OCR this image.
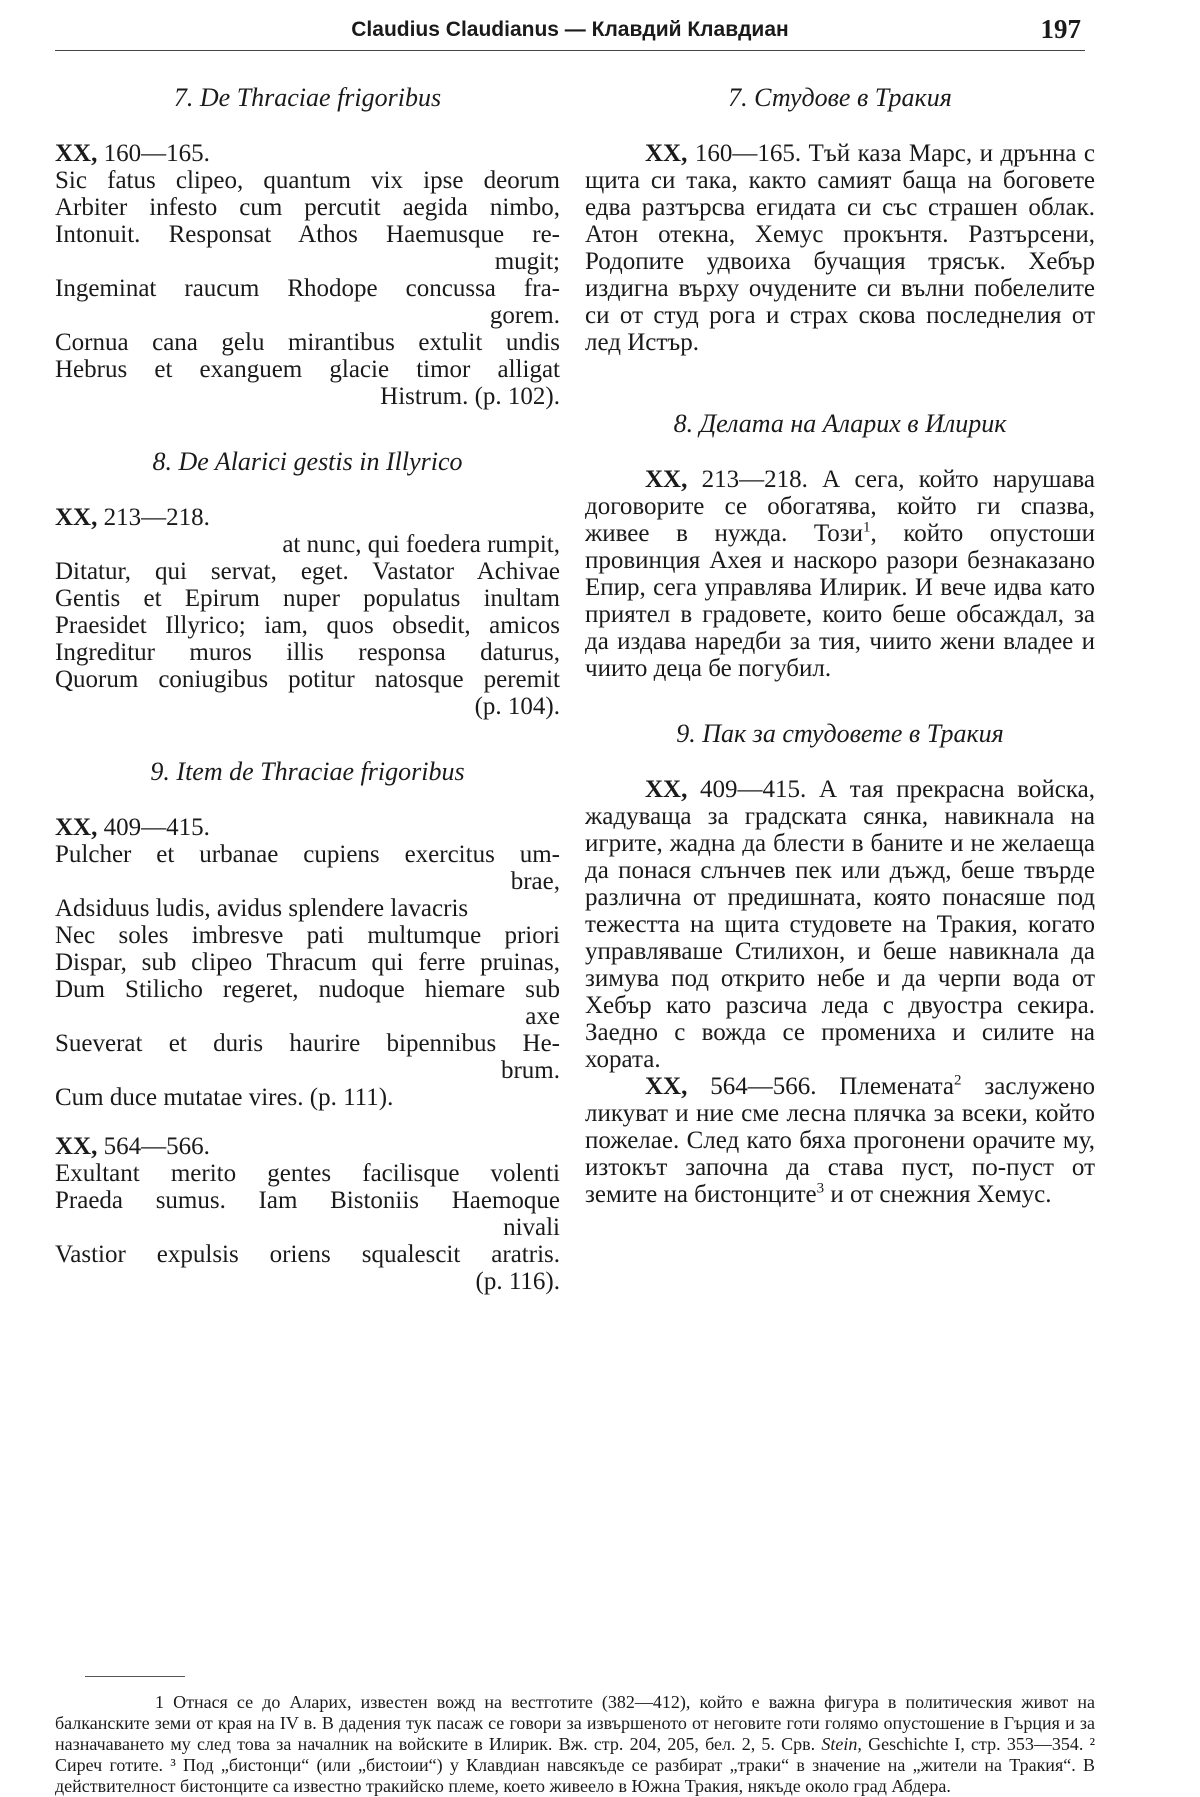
Claudius Claudianus — Клавдий Клавдиан	197
7. De Thraciae frigoribus
XX, 160—165.
Sic fatus clipeo, quantum vix ipse deorum
Arbiter infesto cum percutit aegida nimbo,
Intonuit. Responsat Athos Haemusque re-
mugit;
Ingeminat raucum Rhodope concussa fra-
gorem.
Cornua cana gelu mirantibus extulit undis
Hebrus et exanguem glacie timor alligat
Histrum. (p. 102).
8. De Alarici gestis in Illyrico
XX, 213—218.
at nunc, qui foedera rumpit,
Ditatur, qui servat, eget. Vastator Achivae
Gentis et Epirum nuper populatus inultam
Praesidet Illyrico; iam, quos obsedit, amicos
Ingreditur muros illis responsa daturus,
Quorum coniugibus potitur natosque peremit
(p. 104).
9. Item de Thraciae frigoribus
XX, 409—415.
Pulcher et urbanae cupiens exercitus um-
brae,
Adsiduus ludis, avidus splendere lavacris
Nec soles imbresve pati multumque priori
Dispar, sub clipeo Thracum qui ferre pruinas,
Dum Stilicho regeret, nudoque hiemare sub
axe
Sueverat et duris haurire bipennibus He-
brum.
Cum duce mutatae vires. (p. 111).
XX, 564—566.
Exultant merito gentes facilisque volenti
Praeda sumus. Iam Bistoniis Haemoque
nivali
Vastior expulsis oriens squalescit aratris.
(p. 116).
7. Студове в Тракия

XX, 160—165. Тъй каза Марс, и дрънна с щита си така, както самият баща на боговете едва разтърсва егидата си със страшен облак. Атон отекна, Хемус прокънтя. Разтърсени, Родопите удвоиха бучащия трясък. Хебър издигна върху очудените си вълни побелелите си от студ рога и страх скова последнелия от лед Истър.

8. Делата на Аларих в Илирик

XX, 213—218. А сега, който нарушава договорите се обогатява, който ги спазва, живее в нужда. Този$^1$, който опустоши провинция Ахея и наскоро разори безнаказано Епир, сега управлява Илирик. И вече идва като приятел в градовете, които беше обсаждал, за да издава наредби за тия, чиито жени владее и чиито деца бе погубил.

9. Пак за студовете в Тракия

XX, 409—415. А тая прекрасна войска, жадуваща за градската сянка, навикнала на игрите, жадна да блести в баните и не желаеща да понася слънчев пек или дъжд, беше твърде различна от предишната, която понасяше под тежестта на щита студовете на Тракия, когато управляваше Стилихон, и беше навикнала да зимува под открито небе и да черпи вода от Хебър като разсича леда с двуостра секира. Заедно с вожда се промениха и силите на хората.

XX, 564—566. Племената$^2$ заслужено ликуват и ние сме лесна плячка за всеки, който пожелае. След като бяха прогонени орачите му, изтокът започна да става пуст, по-пуст от земите на бистонците$^3$ и от снежния Хемус.

1 Отнася се до Аларих, известен вожд на вестготите (382—412), който е важна фигура в политическия живот на балканските земи от края на IV в. В дадения тук пасаж се говори за извършеното от неговите готи голямо опустошение в Гърция и за назначаването му след това за началник на войските в Илирик. Вж. стр. 204, 205, бел. 2, 5. Срв. Stein, Geschichte I, стр. 353—354. ² Сиреч готите. ³ Под „бистонци“ (или „бистоии“) у Клавдиан навсякъде се разбират „траки“ в значение на „жители на Тракия“. В действителност бистонците са известно тракийско племе, което живеело в Южна Тракия, някъде около град Абдера.
